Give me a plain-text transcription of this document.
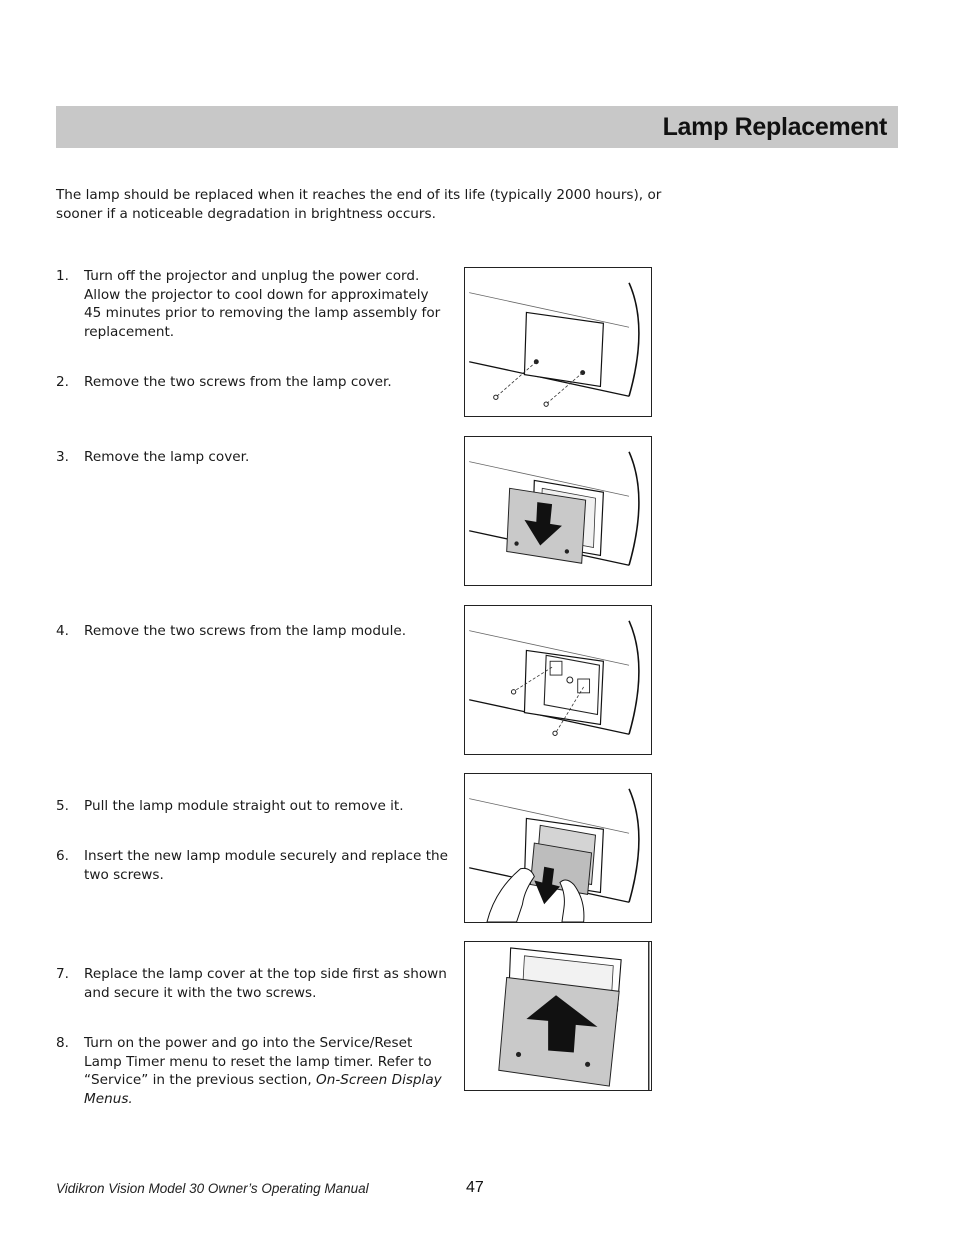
Lamp Replacement

The lamp should be replaced when it reaches the end of its life (typically 2000 hours), or sooner if a noticeable degradation in brightness occurs.

1.	Turn off the projector and unplug the power cord. Allow the projector to cool down for approximately 45 minutes prior to removing the lamp assembly for replacement.
2.	Remove the two screws from the lamp cover.
3.	Remove the lamp cover.
4.	Remove the two screws from the lamp module.
5.	Pull the lamp module straight out to remove it.
6.	Insert the new lamp module securely and replace the two screws.
7.	Replace the lamp cover at the top side first as shown and secure it with the two screws.
8.	Turn on the power and go into the Service/Reset Lamp Timer menu to reset the lamp timer. Refer to “Service” in the previous section, On-Screen Display Menus.
Vidikron Vision Model 30 Owner’s Operating Manual	47
